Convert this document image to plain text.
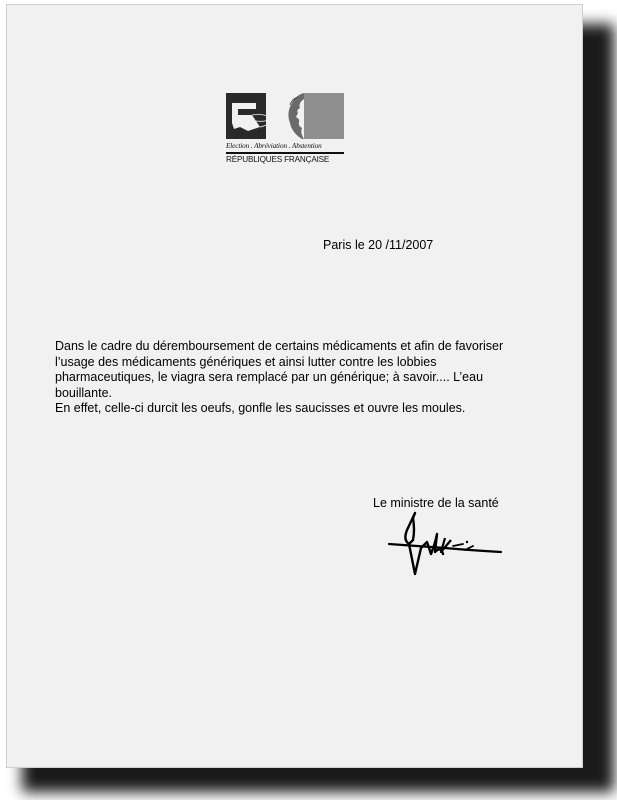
Election . Abréviation . Abstention
RÉPUBLIQUES FRANÇAISE
Paris le 20 /11/2007

Dans le cadre du déremboursement de certains médicaments et afin de favoriser

l’usage des médicaments génériques et ainsi lutter contre les lobbies

pharmaceutiques, le viagra sera remplacé par un générique; à savoir.... L’eau

bouillante.

En effet, celle-ci durcit les oeufs, gonfle les saucisses et ouvre les moules.

Le ministre de la santé
